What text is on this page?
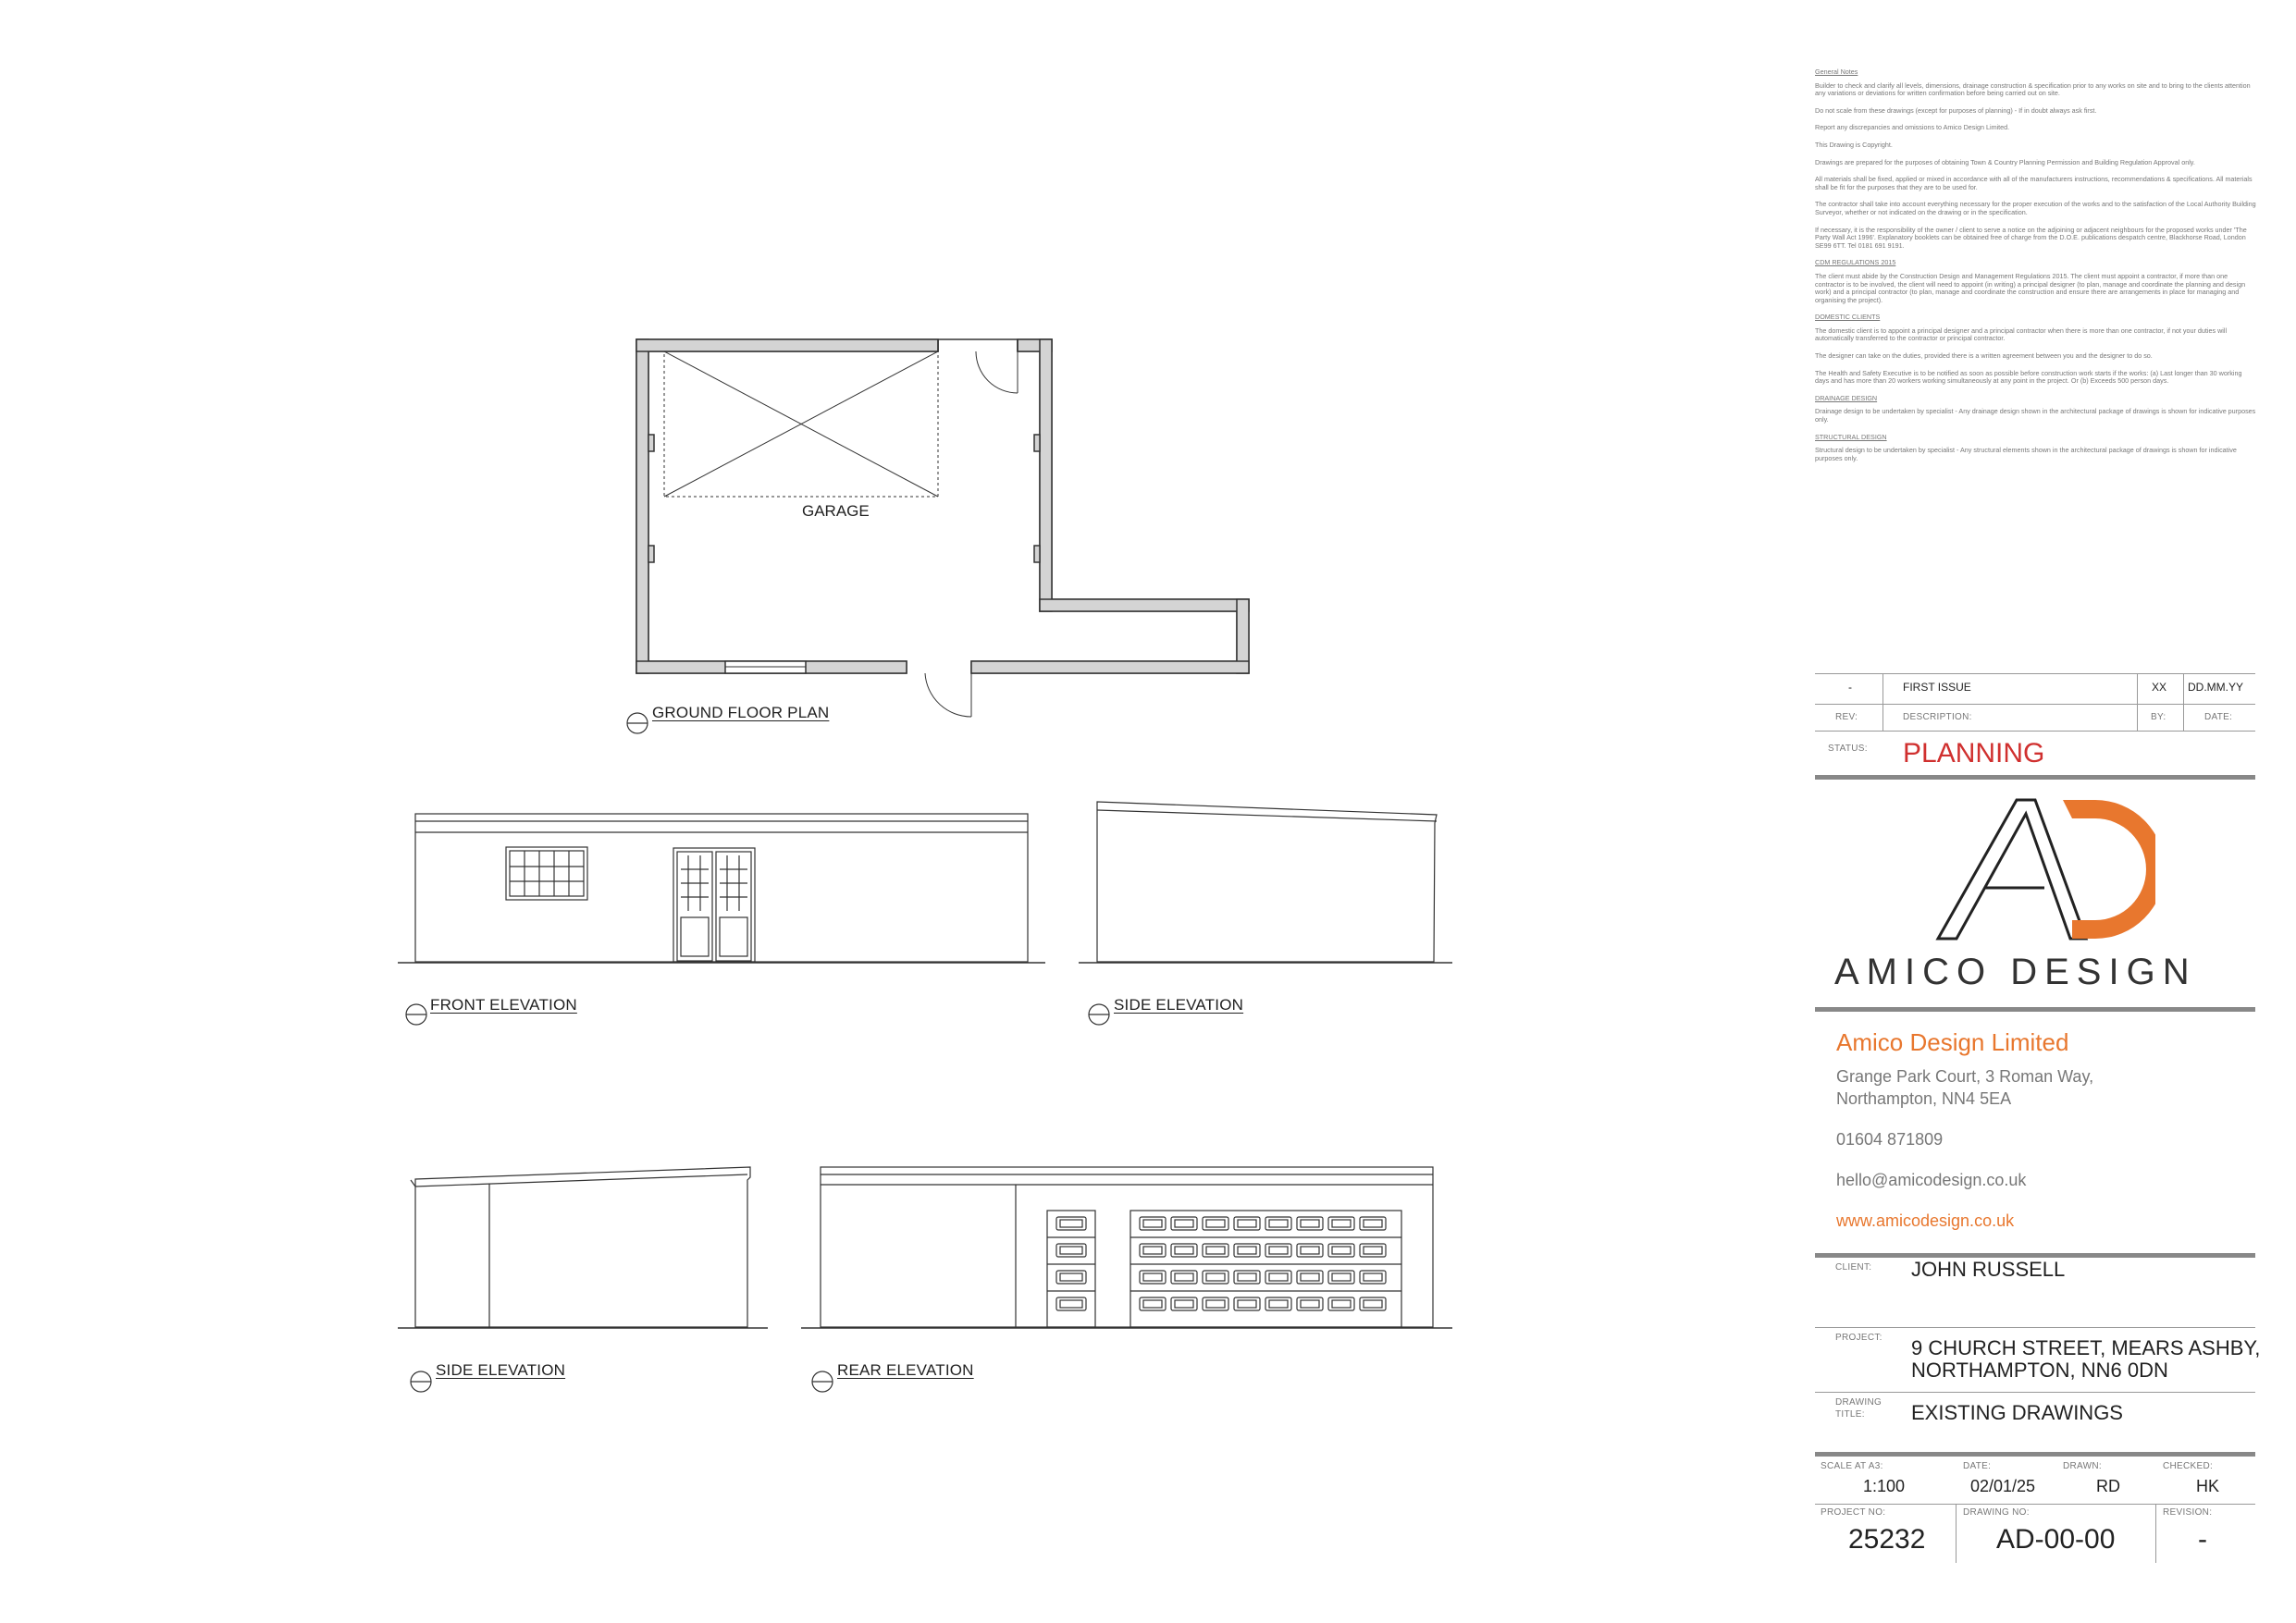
GARAGE
GROUND FLOOR PLAN
FRONT ELEVATION	SIDE ELEVATION
SIDE ELEVATION	REAR ELEVATION
General Notes

Builder to check and clarify all levels, dimensions, drainage construction & specification prior to any works on site and to bring to the clients attention any variations or deviations for written confirmation before being carried out on site.

Do not scale from these drawings (except for purposes of planning) - If in doubt always ask first.

Report any discrepancies and omissions to Amico Design Limited.

This Drawing is Copyright.

Drawings are prepared for the purposes of obtaining Town & Country Planning Permission and Building Regulation Approval only.

All materials shall be fixed, applied or mixed in accordance with all of the manufacturers instructions, recommendations & specifications. All materials shall be fit for the purposes that they are to be used for.

The contractor shall take into account everything necessary for the proper execution of the works and to the satisfaction of the Local Authority Building Surveyor, whether or not indicated on the drawing or in the specification.

If necessary, it is the responsibility of the owner / client to serve a notice on the adjoining or adjacent neighbours for the proposed works under 'The Party Wall Act 1996'. Explanatory booklets can be obtained free of charge from the D.O.E. publications despatch centre, Blackhorse Road, London SE99 6TT. Tel 0181 691 9191.

CDM REGULATIONS 2015

The client must abide by the Construction Design and Management Regulations 2015. The client must appoint a contractor, if more than one contractor is to be involved, the client will need to appoint (in writing) a principal designer (to plan, manage and coordinate the planning and design work) and a principal contractor (to plan, manage and coordinate the construction and ensure there are arrangements in place for managing and organising the project).

DOMESTIC CLIENTS

The domestic client is to appoint a principal designer and a principal contractor when there is more than one contractor, if not your duties will automatically transferred to the contractor or principal contractor.

The designer can take on the duties, provided there is a written agreement between you and the designer to do so.

The Health and Safety Executive is to be notified as soon as possible before construction work starts if the works: (a) Last longer than 30 working days and has more than 20 workers working simultaneously at any point in the project. Or (b) Exceeds 500 person days.

DRAINAGE DESIGN

Drainage design to be undertaken by specialist - Any drainage design shown in the architectural package of drawings is shown for indicative purposes only.

STRUCTURAL DESIGN

Structural design to be undertaken by specialist - Any structural elements shown in the architectural package of drawings is shown for indicative purposes only.

-	FIRST ISSUE	XX DD.MM.YY
REV:	DESCRIPTION:	BY:	DATE:
STATUS: PLANNING
AMICO DESIGN
Amico Design Limited
Grange Park Court, 3 Roman Way,
Northampton, NN4 5EA
01604 871809
hello@amicodesign.co.uk
www.amicodesign.co.uk
CLIENT: JOHN RUSSELL
PROJECT: 9 CHURCH STREET, MEARS ASHBY,
NORTHAMPTON, NN6 0DN
DRAWING
TITLE: EXISTING DRAWINGS
SCALE AT A3:
1:100
DATE:
02/01/25
DRAWN:
RD
CHECKED:
HK
PROJECT NO:
25232
DRAWING NO:
AD-00-00
REVISION:
-
